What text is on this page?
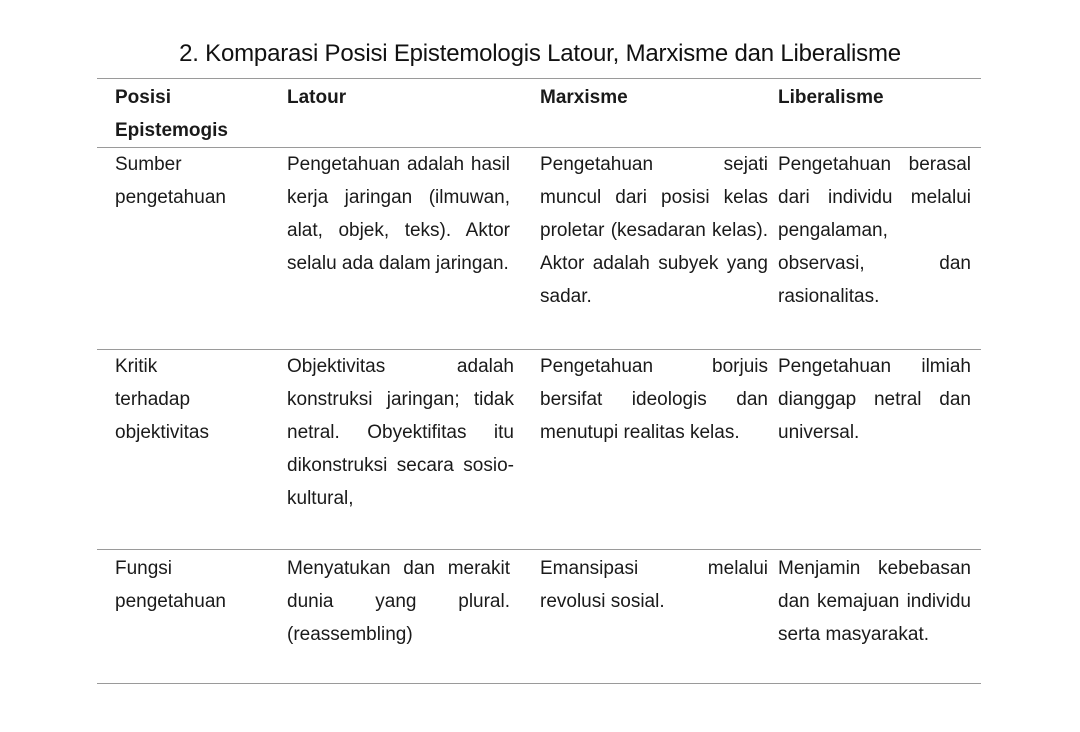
2. Komparasi Posisi Epistemologis Latour, Marxisme dan Liberalisme
Posisi Epistemogis
Latour	Marxisme	Liberalisme
Sumber pengetahuan
Pengetahuan adalah hasil kerja jaringan (ilmuwan, alat, objek, teks). Aktor selalu ada dalam jaringan.
Pengetahuan sejati muncul dari posisi kelas proletar (kesadaran kelas). Aktor adalah subyek yang sadar.
Pengetahuan berasal dari individu melalui pengalaman, observasi, dan rasionalitas.
Kritik terhadap objektivitas
Objektivitas adalah konstruksi jaringan; tidak netral. Obyektifitas itu dikonstruksi secara sosio-kultural,
Pengetahuan borjuis bersifat ideologis dan menutupi realitas kelas.
Pengetahuan ilmiah dianggap netral dan universal.
Fungsi pengetahuan
Menyatukan dan merakit dunia yang plural. (reassembling)
Emansipasi melalui revolusi sosial.
Menjamin kebebasan dan kemajuan individu serta masyarakat.
